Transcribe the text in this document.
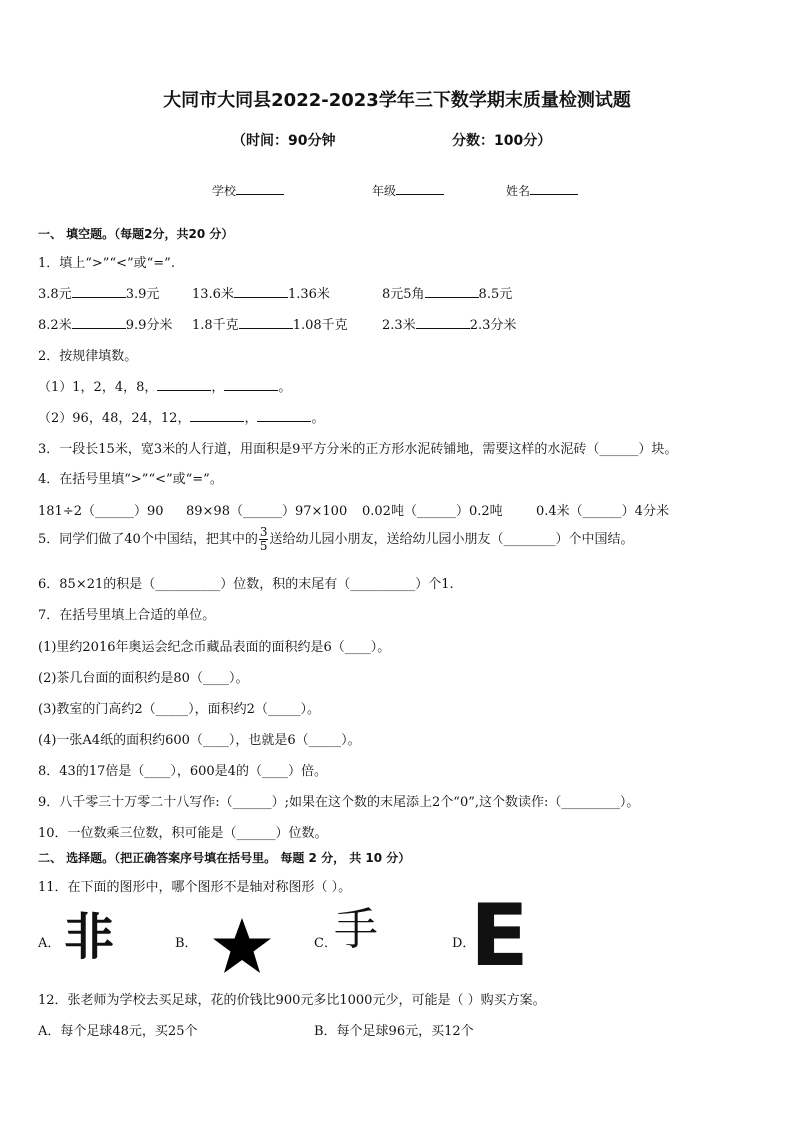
大同市大同县2022-2023学年三下数学期末质量检测试题
（时间：90分钟	分数：100分）
学校	年级	姓名
一、 填空题。（每题2分，共20 分）
1．填上“>”“<”或“=”.
3.8元	3.9元	13.6米	1.36米	8元5角	8.5元
8.2米	9.9分米 1.8千克	1.08千克	2.3米	2.3分米
2．按规律填数。
（1）1，2，4，8，	，	。
（2）96，48，24，12，	，	。
3．一段长15米，宽3米的人行道，用面积是9平方分米的正方形水泥砖铺地，需要这样的水泥砖（______）块。
4．在括号里填“>”“<”或“=”。
181÷2（______）90 89×98（______）97×100 0.02吨（______）0.2吨	0.4米（______）4分米
5．同学们做了40个中国结，把其中的 $\frac{3}{5}$ 送给幼儿园小朋友，送给幼儿园小朋友（________）个中国结。
6．85×21的积是（__________）位数，积的末尾有（__________）个1.
7．在括号里填上合适的单位。
(1)里约2016年奥运会纪念币藏品表面的面积约是6（____）。
(2)茶几台面的面积约是80（____）。
(3)教室的门高约2（_____），面积约2（_____）。
(4)一张A4纸的面积约600（____），也就是6（_____）。
8．43的17倍是（____），600是4的（____）倍。
9．八千零三十万零二十八写作:（______）;如果在这个数的末尾添上2个“0”,这个数读作:（_________）。
10．一位数乘三位数，积可能是（______）位数。
二、 选择题。（把正确答案序号填在括号里。 每题 2 分， 共 10 分）
11．在下面的图形中，哪个图形不是轴对称图形（ ）。
A． 非	B．	C．
手	D．
E
12．张老师为学校去买足球，花的价钱比900元多比1000元少，可能是（ ）购买方案。
A．每个足球48元，买25个	B．每个足球96元，买12个
